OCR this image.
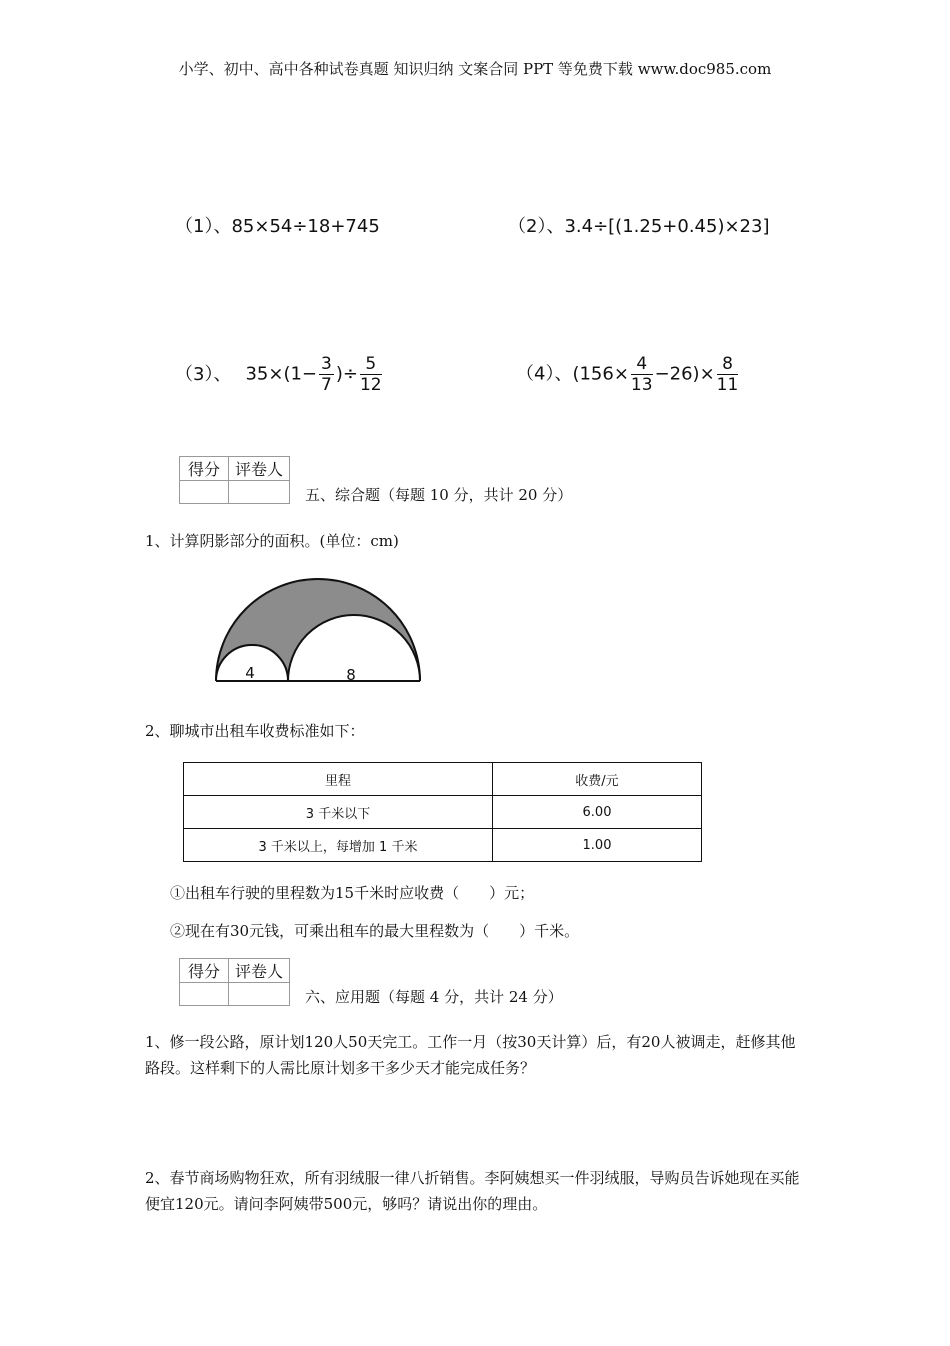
小学、初中、高中各种试卷真题 知识归纳 文案合同 PPT 等免费下载 www.doc985.com
（1）、85×54÷18+745	（2）、3.4÷[(1.25+0.45)×23]
（3）、 $35\times(1- \frac{3}{7}$ )÷ $\frac{5}{12}$	（4）、$(156\times \frac{4}{13} -26)\times \frac{8}{11}$
得分	评卷人

五、综合题（每题 10 分，共计 20 分）
1、计算阴影部分的面积。(单位：cm)
4	8
2、聊城市出租车收费标准如下：
里程	收费/元
3 千米以下	6.00
3 千米以上，每增加 1 千米	1.00
①出租车行驶的里程数为15千米时应收费（　　）元；
②现在有30元钱，可乘出租车的最大里程数为（　　）千米。
得分	评卷人

六、应用题（每题 4 分，共计 24 分）
1、修一段公路，原计划120人50天完工。工作一月（按30天计算）后，有20人被调走，赶修其他路段。这样剩下的人需比原计划多干多少天才能完成任务？
2、春节商场购物狂欢，所有羽绒服一律八折销售。李阿姨想买一件羽绒服，导购员告诉她现在买能便宜120元。请问李阿姨带500元，够吗？请说出你的理由。
